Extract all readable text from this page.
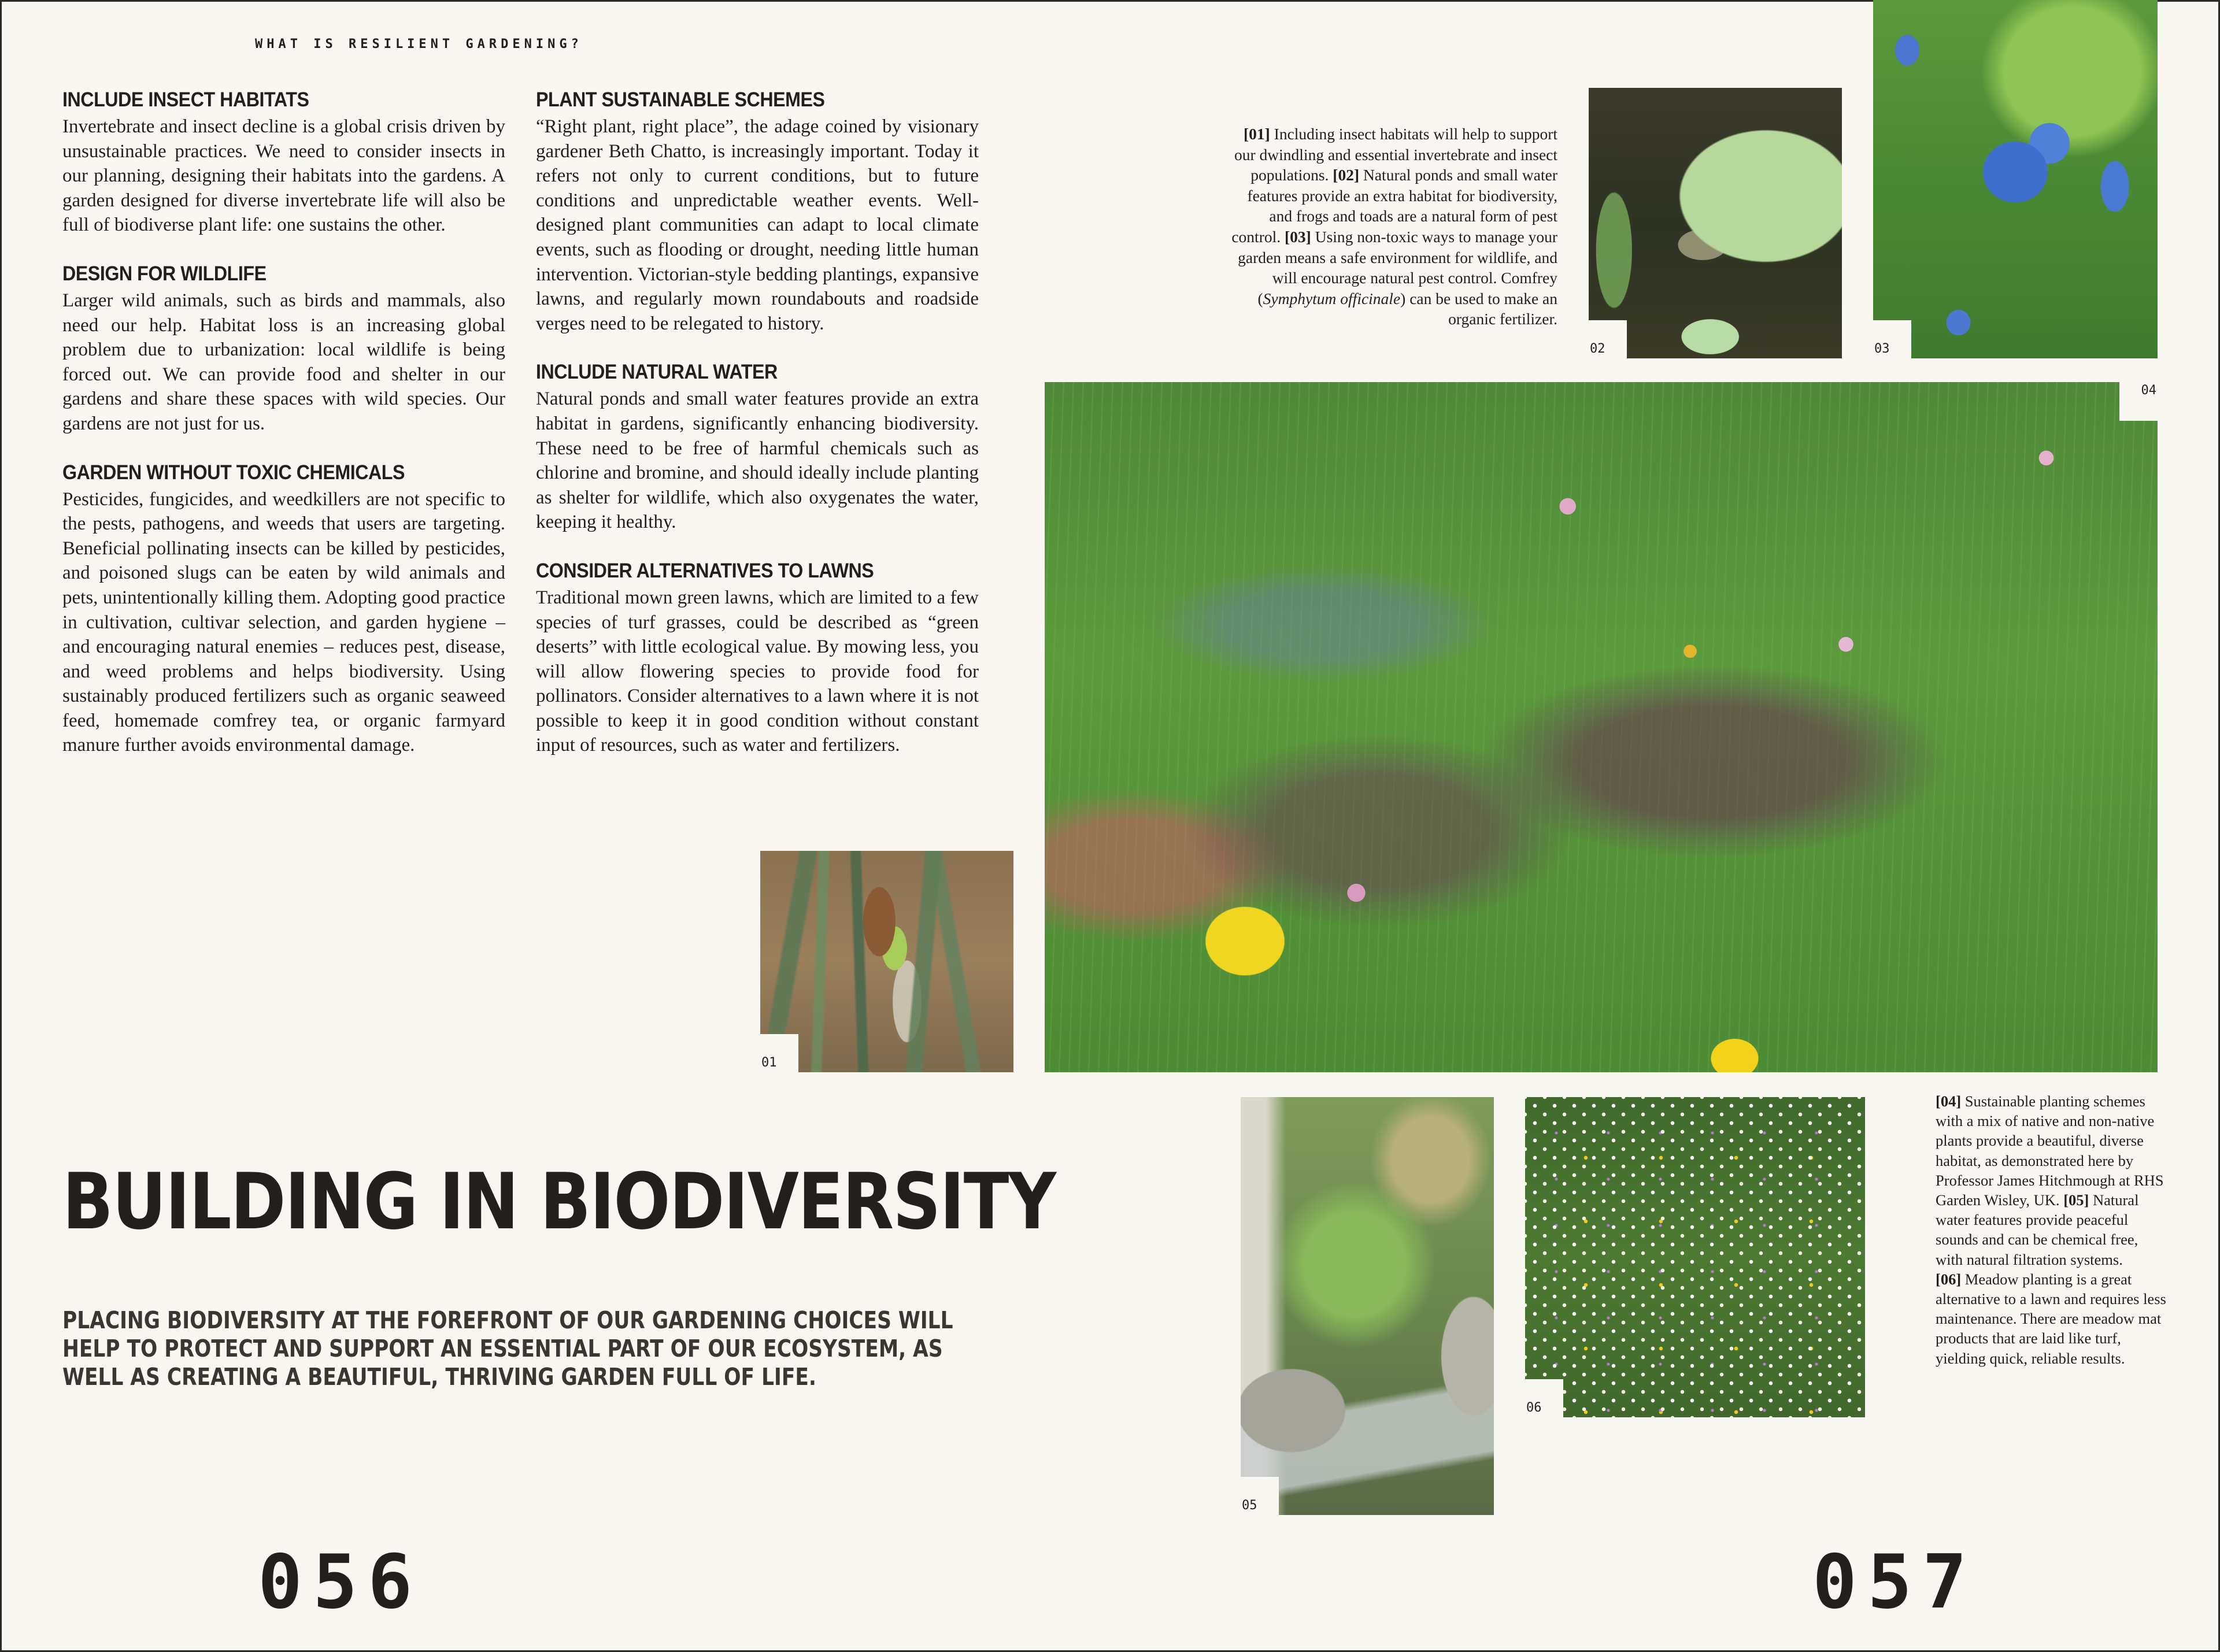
WHAT IS RESILIENT GARDENING?
INCLUDE INSECT HABITATS

Invertebrate and insect decline is a global crisis driven by unsustainable practices. We need to consider insects in our planning, designing their habitats into the gardens. A garden designed for diverse invertebrate life will also be full of biodiverse plant life: one sustains the other.

DESIGN FOR WILDLIFE

Larger wild animals, such as birds and mammals, also need our help. Habitat loss is an increasing global problem due to urbanization: local wildlife is being forced out. We can provide food and shelter in our gardens and share these spaces with wild species. Our gardens are not just for us.

GARDEN WITHOUT TOXIC CHEMICALS

Pesticides, fungicides, and weedkillers are not specific to the pests, pathogens, and weeds that users are targeting. Beneficial pollinating insects can be killed by pesticides, and poisoned slugs can be eaten by wild animals and pets, unintentionally killing them. Adopting good practice in cultivation, cultivar selection, and garden hygiene – and encouraging natural enemies – reduces pest, disease, and weed problems and helps biodiversity. Using sustainably produced fertilizers such as organic seaweed feed, homemade comfrey tea, or organic farmyard manure further avoids environmental damage.

PLANT SUSTAINABLE SCHEMES

“Right plant, right place”, the adage coined by visionary gardener Beth Chatto, is increasingly important. Today it refers not only to current conditions, but to future conditions and unpredictable weather events. Well-designed plant communities can adapt to local climate events, such as flooding or drought, needing little human intervention. Victorian-style bedding plantings, expansive lawns, and regularly mown roundabouts and roadside verges need to be relegated to history.

INCLUDE NATURAL WATER

Natural ponds and small water features provide an extra habitat in gardens, significantly enhancing biodiversity. These need to be free of harmful chemicals such as chlorine and bromine, and should ideally include planting as shelter for wildlife, which also oxygenates the water, keeping it healthy.

CONSIDER ALTERNATIVES TO LAWNS

Traditional mown green lawns, which are limited to a few species of turf grasses, could be described as “green deserts” with little ecological value. By mowing less, you will allow flowering species to provide food for pollinators. Consider alternatives to a lawn where it is not possible to keep it in good condition without constant input of resources, such as water and fertilizers.

BUILDING IN BIODIVERSITY
PLACING BIODIVERSITY AT THE FOREFRONT OF OUR GARDENING CHOICES WILL HELP TO PROTECT AND SUPPORT AN ESSENTIAL PART OF OUR ECOSYSTEM, AS WELL AS CREATING A BEAUTIFUL, THRIVING GARDEN FULL OF LIFE.
056	057
[01] Including insect habitats will help to support our dwindling and essential invertebrate and insect populations. [02] Natural ponds and small water features provide an extra habitat for biodiversity, and frogs and toads are a natural form of pest control. [03] Using non-toxic ways to manage your garden means a safe environment for wildlife, and will encourage natural pest control. Comfrey (Symphytum officinale) can be used to make an organic fertilizer.
[04] Sustainable planting schemes with a mix of native and non-native plants provide a beautiful, diverse habitat, as demonstrated here by Professor James Hitchmough at RHS Garden Wisley, UK. [05] Natural water features provide peaceful sounds and can be chemical free, with natural filtration systems.
[06] Meadow planting is a great alternative to a lawn and requires less maintenance. There are meadow mat products that are laid like turf, yielding quick, reliable results.
01
02	03
04
05
06
